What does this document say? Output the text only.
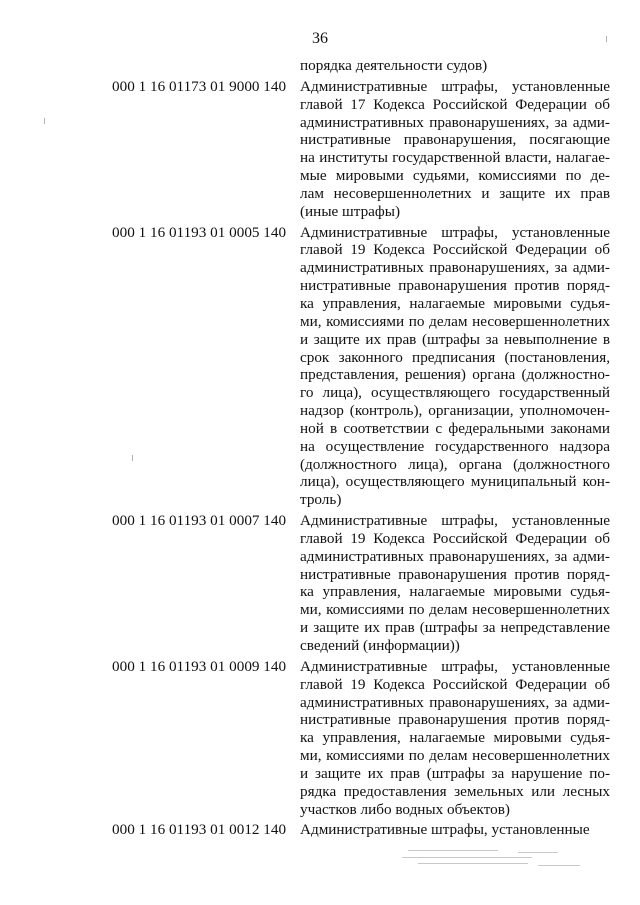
36
порядка деятельности судов)
000 1 16 01173 01 9000 140 Административные штрафы, установленные
главой 17 Кодекса Российской Федерации об
административных правонарушениях, за адми-
нистративные правонарушения, посягающие
на институты государственной власти, налагае-
мые мировыми судьями, комиссиями по де-
лам несовершеннолетних и защите их прав
(иные штрафы)
000 1 16 01193 01 0005 140 Административные штрафы, установленные
главой 19 Кодекса Российской Федерации об
административных правонарушениях, за адми-
нистративные правонарушения против поряд-
ка управления, налагаемые мировыми судья-
ми, комиссиями по делам несовершеннолетних
и защите их прав (штрафы за невыполнение в
срок законного предписания (постановления,
представления, решения) органа (должностно-
го лица), осуществляющего государственный
надзор (контроль), организации, уполномочен-
ной в соответствии с федеральными законами
на осуществление государственного надзора
(должностного лица), органа (должностного
лица), осуществляющего муниципальный кон-
троль)
000 1 16 01193 01 0007 140 Административные штрафы, установленные
главой 19 Кодекса Российской Федерации об
административных правонарушениях, за адми-
нистративные правонарушения против поряд-
ка управления, налагаемые мировыми судья-
ми, комиссиями по делам несовершеннолетних
и защите их прав (штрафы за непредставление
сведений (информации))
000 1 16 01193 01 0009 140 Административные штрафы, установленные
главой 19 Кодекса Российской Федерации об
административных правонарушениях, за адми-
нистративные правонарушения против поряд-
ка управления, налагаемые мировыми судья-
ми, комиссиями по делам несовершеннолетних
и защите их прав (штрафы за нарушение по-
рядка предоставления земельных или лесных
участков либо водных объектов)
000 1 16 01193 01 0012 140 Административные штрафы, установленные
